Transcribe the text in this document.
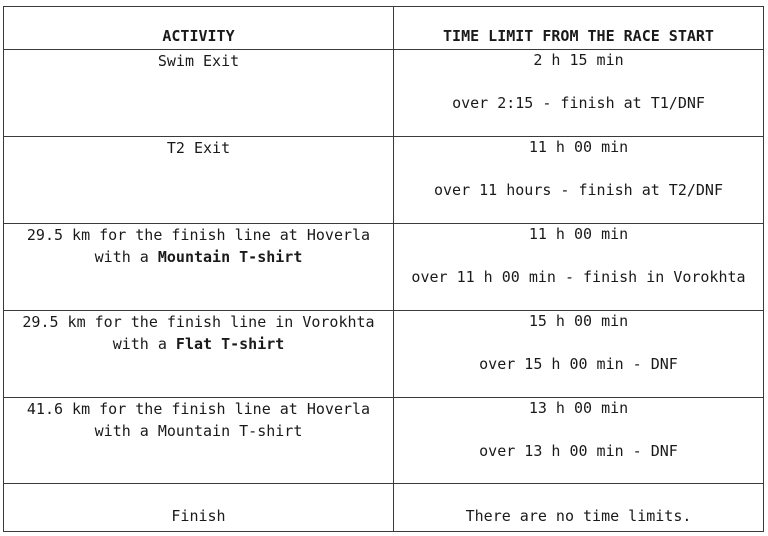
ACTIVITY	TIME LIMIT FROM THE RACE START
Swim Exit	2 h 15 min
over 2:15 - finish at T1/DNF

T2 Exit	11 h 00 min
over 11 hours - finish at T2/DNF

29.5 km for the finish line at Hoverla
with a Mountain T-shirt	11 h 00 min
over 11 h 00 min - finish in Vorokhta

29.5 km for the finish line in Vorokhta
with a Flat T-shirt	15 h 00 min
over 15 h 00 min - DNF

41.6 km for the finish line at Hoverla
with a Mountain T-shirt	13 h 00 min
over 13 h 00 min - DNF

Finish	There are no time limits.
